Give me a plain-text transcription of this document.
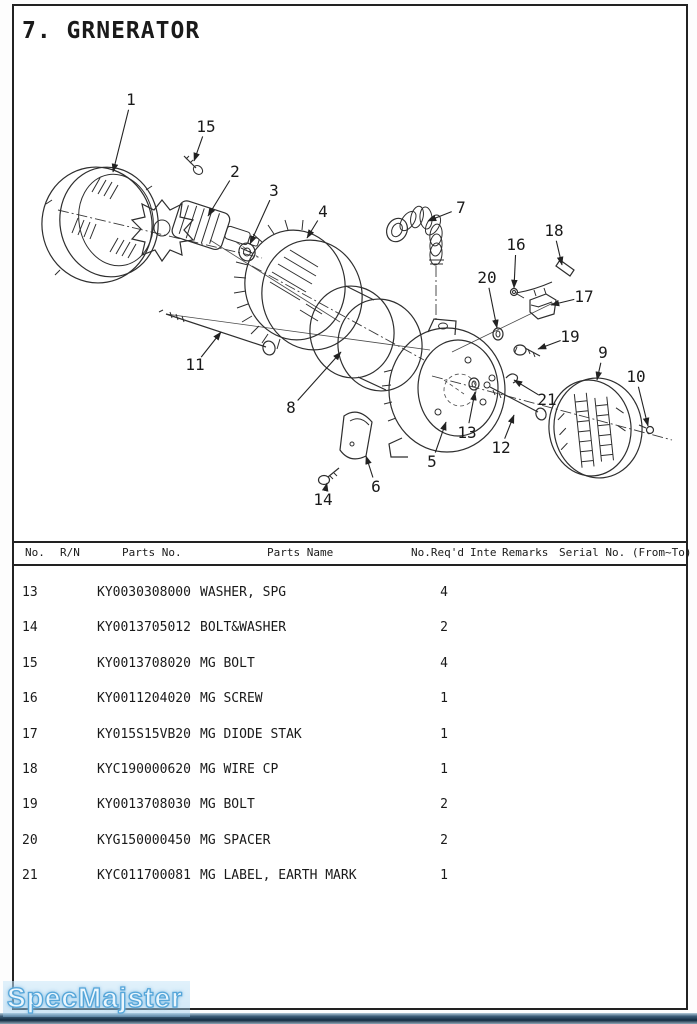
7. GRNERATOR
1
15
2
3
4	7
16
18
17
20
19
9
10
21
13
12
11
8
5
6
14
No. R/N	Parts No.	Parts Name	No.Req'd Inte Remarks Serial No. (From~To)
13	KY0030308000 WASHER, SPG	4
14	KY0013705012 BOLT&WASHER	2
15	KY0013708020 MG BOLT	4
16	KY0011204020 MG SCREW	1
17	KY015S15VB20 MG DIODE STAK	1
18	KYC190000620 MG WIRE CP	1
19	KY0013708030 MG BOLT	2
20	KYG150000450 MG SPACER	2
21	KYC011700081 MG LABEL, EARTH MARK	1
SpecMajster
